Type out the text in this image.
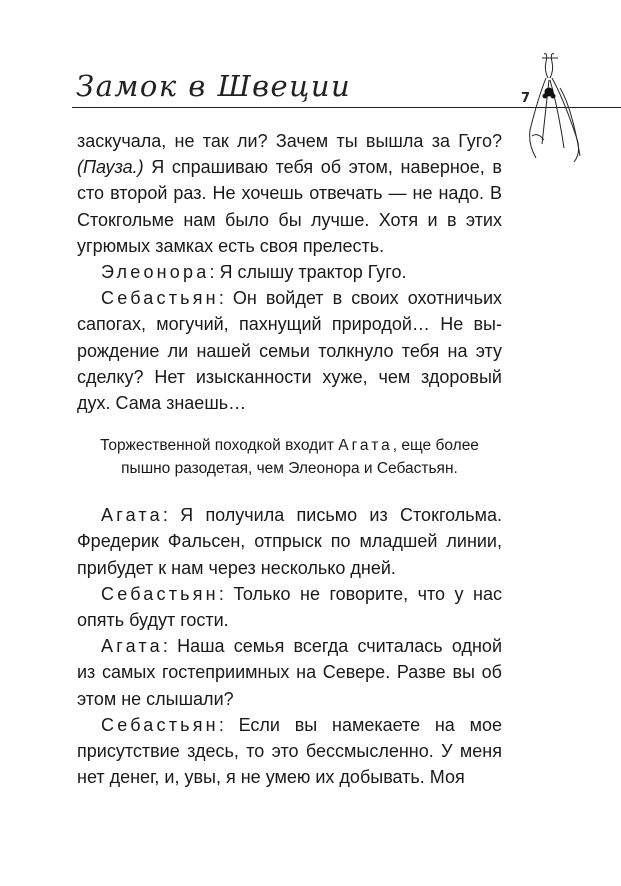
Замок в Швеции	7

заскучала, не так ли? Зачем ты вышла за Гуго? (Пауза.) Я спрашиваю тебя об этом, наверное, в сто второй раз. Не хочешь отвечать — не надо. В Стокгольме нам было бы лучше. Хотя и в этих угрюмых замках есть своя прелесть.

Элеонора: Я слышу трактор Гуго.

Себастьян: Он войдет в своих охотничьих сапогах, могучий, пахнущий природой… Не вырождение ли нашей семьи толкнуло тебя на эту сделку? Нет изысканности хуже, чем здоровый дух. Сама знаешь…

Торжественной походкой входит Агата, еще более пышно разодетая, чем Элеонора и Себастьян.

Агата: Я получила письмо из Стокгольма. Фредерик Фальсен, отпрыск по младшей линии, прибудет к нам через несколько дней.

Себастьян: Только не говорите, что у нас опять будут гости.

Агата: Наша семья всегда считалась одной из самых гостеприимных на Севере. Разве вы об этом не слышали?

Себастьян: Если вы намекаете на мое присутствие здесь, то это бессмысленно. У меня нет денег, и, увы, я не умею их добывать. Моя
